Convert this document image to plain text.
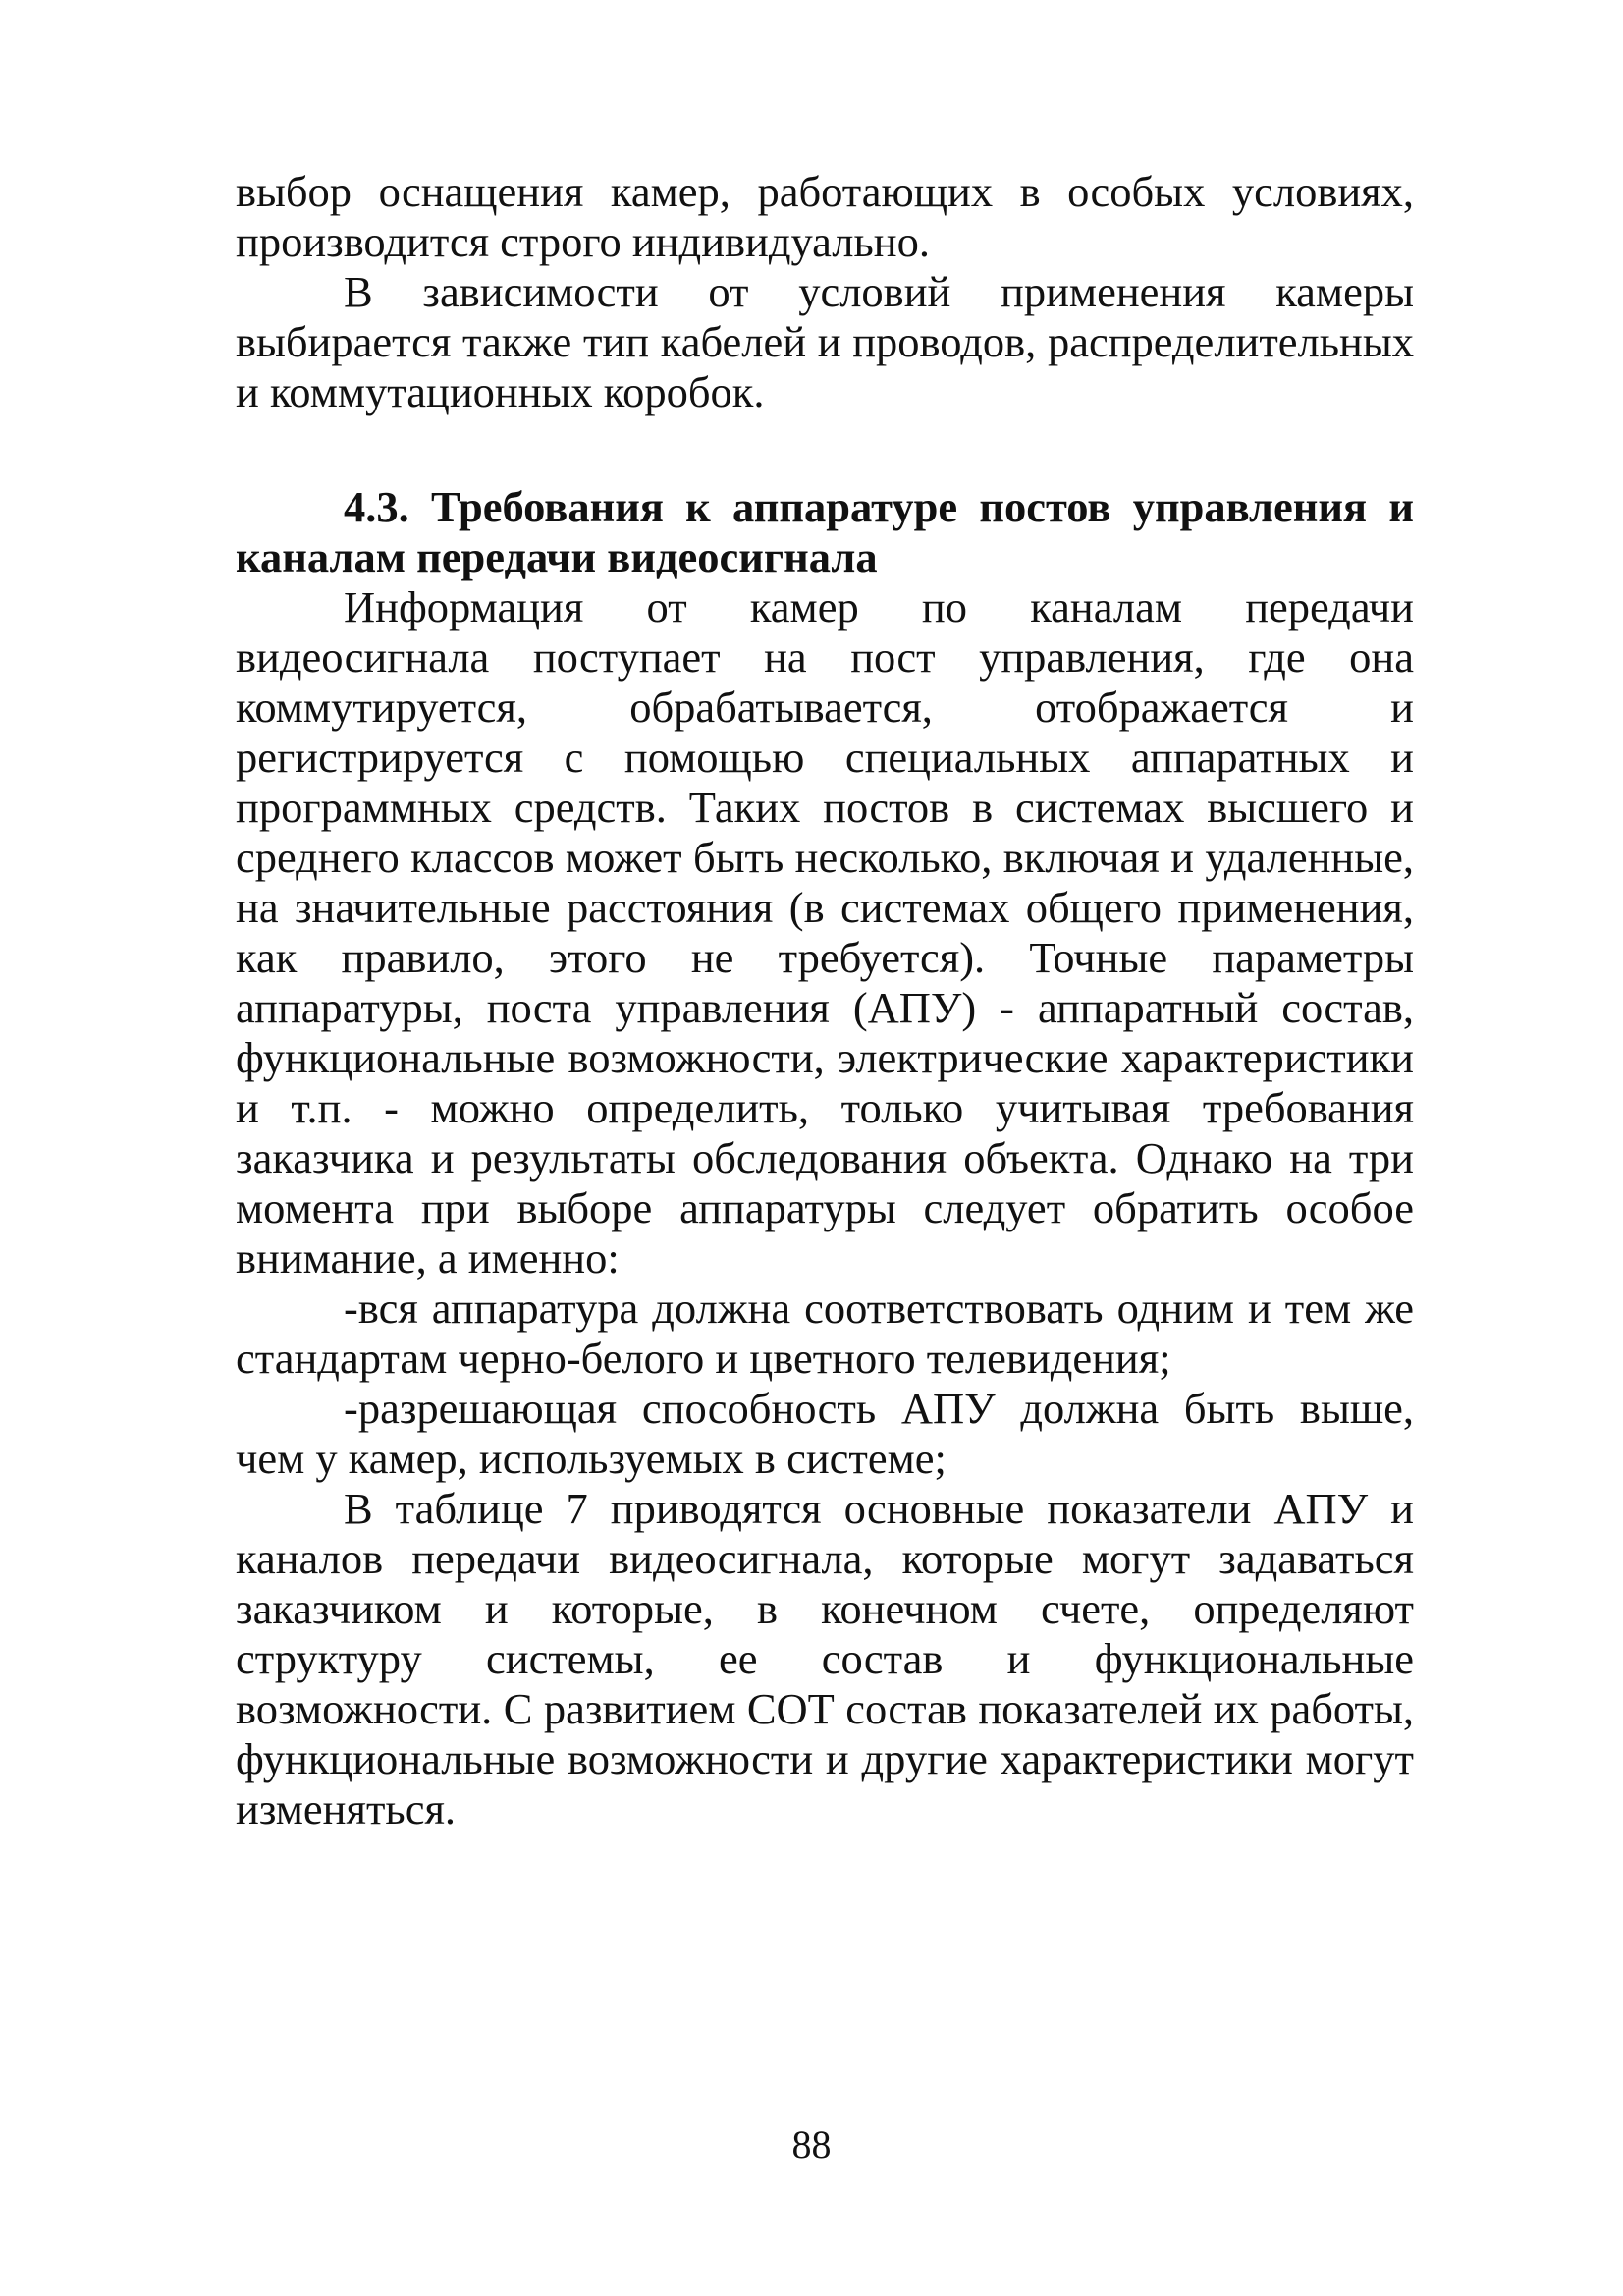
выбор оснащения камер, работающих в особых условиях, производится строго индивидуально.

В зависимости от условий применения камеры выбирается также тип кабелей и проводов, распределительных и коммутационных коробок.

4.3. Требования к аппаратуре постов управления и каналам передачи видеосигнала

Информация от камер по каналам передачи видеосигнала поступает на пост управления, где она коммутируется, обрабатывается, отображается и регистрируется с помощью специальных аппаратных и программных средств. Таких постов в системах высшего и среднего классов может быть несколько, включая и удаленные, на значительные расстояния (в системах общего применения, как правило, этого не требуется). Точные параметры аппаратуры, поста управления (АПУ) - аппаратный состав, функциональные возможности, электрические характеристики и т.п. - можно определить, только учитывая требования заказчика и результаты обследования объекта. Однако на три момента при выборе аппаратуры следует обратить особое внимание, а именно:

-вся аппаратура должна соответствовать одним и тем же стандартам черно-белого и цветного телевидения;

-разрешающая способность АПУ должна быть выше, чем у камер, используемых в системе;

В таблице 7 приводятся основные показатели АПУ и каналов передачи видеосигнала, которые могут задаваться заказчиком и которые, в конечном счете, определяют структуру системы, ее состав и функциональные возможности. С развитием СОТ состав показателей их работы, функциональные возможности и другие характеристики могут изменяться.

88
